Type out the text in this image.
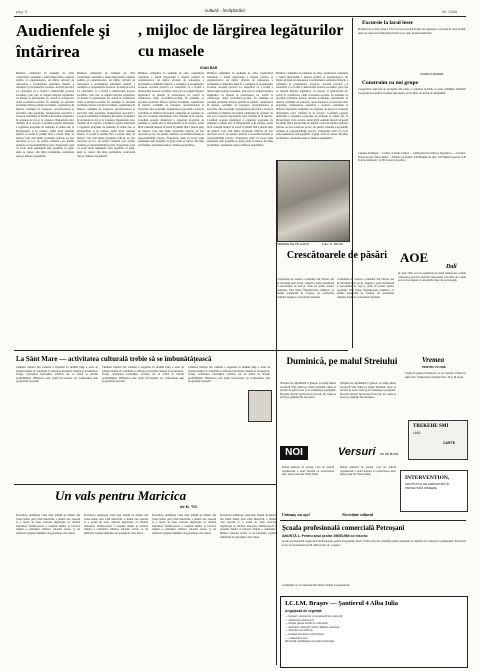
pag. 5	cultură - învăţământ	Nr. 2465
Audienfele şi întărirea
, mijloc de lărgirea legăturilor cu masele
IOAN BAR
Primirea cetăţenilor în audienţe de către conducători constituie o latură importantă a muncii politice şi organizatorice, un mijloc eficient de cunoaştere a problemelor oamenilor muncii, a cerinţelor şi propunerilor acestora. Această practică s-a statornicit ca o formă a democraţiei noastre socialiste, prin care se asigură lărgirea legăturilor cu masele şi participarea lor activă la conducerea vieţii economico-sociale. În audienţe se prezintă probleme diverse privind locuinţele, repartizarea în muncă, condiţiile de transport, aprovizionarea şi serviciile către populaţie. Soluţionarea operativă a acestora contribuie la întărirea încrederii cetăţenilor în organele de stat şi la creşterea răspunderii celor chemaţi să le rezolve. Consiliul popular municipal a organizat programe de audienţe la sediul său, la întreprinderi şi în cartiere, astfel încât oamenii muncii să poată fi primiţi fără a pierde timp de muncă. Cele mai multe probleme ridicate au fost rezolvate pe loc, iar pentru celelalte s-au stabilit termene şi responsabilităţi precise. Experienţa arată că acolo unde audienţele sunt pregătite cu grijă, unde se cunosc din timp problemele, rezultatele sunt pe măsura aşteptărilor.
Primirea cetăţenilor în audienţe de către conducători constituie o latură importantă a muncii politice şi organizatorice, un mijloc eficient de cunoaştere a problemelor oamenilor muncii, a cerinţelor şi propunerilor acestora. Această practică s-a statornicit ca o formă a democraţiei noastre socialiste, prin care se asigură lărgirea legăturilor cu masele şi participarea lor activă la conducerea vieţii economico-sociale. În audienţe se prezintă probleme diverse privind locuinţele, repartizarea în muncă, condiţiile de transport, aprovizionarea şi serviciile către populaţie. Soluţionarea operativă a acestora contribuie la întărirea încrederii cetăţenilor în organele de stat şi la creşterea răspunderii celor chemaţi să le rezolve. Consiliul popular municipal a organizat programe de audienţe la sediul său, la întreprinderi şi în cartiere, astfel încât oamenii muncii să poată fi primiţi fără a pierde timp de muncă. Cele mai multe probleme ridicate au fost rezolvate pe loc, iar pentru celelalte s-au stabilit termene şi responsabilităţi precise. Experienţa arată că acolo unde audienţele sunt pregătite cu grijă, unde se cunosc din timp problemele, rezultatele sunt pe măsura aşteptărilor.
Primirea cetăţenilor în audienţe de către conducători constituie o latură importantă a muncii politice şi organizatorice, un mijloc eficient de cunoaştere a problemelor oamenilor muncii, a cerinţelor şi propunerilor acestora. Această practică s-a statornicit ca o formă a democraţiei noastre socialiste, prin care se asigură lărgirea legăturilor cu masele şi participarea lor activă la conducerea vieţii economico-sociale. În audienţe se prezintă probleme diverse privind locuinţele, repartizarea în muncă, condiţiile de transport, aprovizionarea şi serviciile către populaţie. Soluţionarea operativă a acestora contribuie la întărirea încrederii cetăţenilor în organele de stat şi la creşterea răspunderii celor chemaţi să le rezolve. Consiliul popular municipal a organizat programe de audienţe la sediul său, la întreprinderi şi în cartiere, astfel încât oamenii muncii să poată fi primiţi fără a pierde timp de muncă. Cele mai multe probleme ridicate au fost rezolvate pe loc, iar pentru celelalte s-au stabilit termene şi responsabilităţi precise. Experienţa arată că acolo unde audienţele sunt pregătite cu grijă, unde se cunosc din timp problemele, rezultatele sunt pe măsura aşteptărilor.
Primirea cetăţenilor în audienţe de către conducători constituie o latură importantă a muncii politice şi organizatorice, un mijloc eficient de cunoaştere a problemelor oamenilor muncii, a cerinţelor şi propunerilor acestora. Această practică s-a statornicit ca o formă a democraţiei noastre socialiste, prin care se asigură lărgirea legăturilor cu masele şi participarea lor activă la conducerea vieţii economico-sociale. În audienţe se prezintă probleme diverse privind locuinţele, repartizarea în muncă, condiţiile de transport, aprovizionarea şi serviciile către populaţie. Soluţionarea operativă a acestora contribuie la întărirea încrederii cetăţenilor în organele de stat şi la creşterea răspunderii celor chemaţi să le rezolve. Consiliul popular municipal a organizat programe de audienţe la sediul său, la întreprinderi şi în cartiere, astfel încât oamenii muncii să poată fi primiţi fără a pierde timp de muncă. Cele mai multe probleme ridicate au fost rezolvate pe loc, iar pentru celelalte s-au stabilit termene şi responsabilităţi precise. Experienţa arată că acolo unde audienţele sunt pregătite cu grijă, unde se cunosc din timp problemele, rezultatele sunt pe măsura aşteptărilor.
Primirea cetăţenilor în audienţe de către conducători constituie o latură importantă a muncii politice şi organizatorice, un mijloc eficient de cunoaştere a problemelor oamenilor muncii, a cerinţelor şi propunerilor acestora. Această practică s-a statornicit ca o formă a democraţiei noastre socialiste, prin care se asigură lărgirea legăturilor cu masele şi participarea lor activă la conducerea vieţii economico-sociale. În audienţe se prezintă probleme diverse privind locuinţele, repartizarea în muncă, condiţiile de transport, aprovizionarea şi serviciile către populaţie. Soluţionarea operativă a acestora contribuie la întărirea încrederii cetăţenilor în organele de stat şi la creşterea răspunderii celor chemaţi să le rezolve. Consiliul popular municipal a organizat programe de audienţe la sediul său, la întreprinderi şi în cartiere, astfel încât oamenii muncii să poată fi primiţi fără a pierde timp de muncă. Cele mai multe probleme ridicate au fost rezolvate pe loc, iar pentru celelalte s-au stabilit termene şi responsabilităţi precise. Experienţa arată că acolo unde audienţele sunt pregătite cu grijă, unde se cunosc din timp problemele, rezultatele sunt pe măsura aşteptărilor.
Excursie la lacul leser
Pionierii şi şcolarii clasei a VII-a de la Liceul din Petrila au organizat o excursie în zona lacului, unde au cunoscut frumuseţile naturii şi au cules plante medicinale.
VIORICA BARNE
Construim cu noi grupe
Cooperativa agricolă de producţie din judeţ a continuat lucrările la noua grădiniţă. Membrii cooperatori au muncit voluntar mai multe ore în zilele de sfârşit de săptămână.
VEDERE DE PE HĂRŢI	Foto: R. TRUTA
Crescătoarele de păsări
Complexul de creştere a păsărilor din Vulcan, dat în folosinţă anul trecut, asigură o parte însemnată a necesarului de ouă şi carne de pasăre pentru populaţia Văii Jiului. Îngrijitoarele urmăresc cu atenţie parametrii de creştere, iar rezultatele obţinute depăşesc prevederile planului.
Complexul de creştere a păsărilor din Vulcan, dat în folosinţă anul trecut, asigură o parte însemnată a necesarului de ouă şi carne de pasăre pentru populaţia Văii Jiului. Îngrijitoarele urmăresc cu atenţie parametrii de creştere, iar rezultatele obţinute depăşesc prevederile planului.
AOE
Dali
În anul 1965 au fost organizate în judeţ numeroase acţiuni culturale şi sportive dedicate tineretului. Cercurile de creaţie au fost frecventate de un număr mare de participanţi.
Cinema: Parângul — Colina cu lalele; Unirea — Călătoriile lui Gulliver; Republica — Lovitura. Teatru de stat: Valea Jiului — Ultima oră. Radio: 6,00 Buletin de ştiri; 7,00 Muzică uşoară; 9,30 Teatru radiofonic; 12,00 Concert de prânz.
Vremea
PENTRU 24 ORE
Vreme în general frumoasă, cu cer variabil. Vântul va sufla slab. Temperaturi cuprinse între 10 şi 18 grade.
Duminică, pe malul Streiului
Sfârşitul de săptămână îi găseşte pe mulţi dintre locuitorii Văii Jiului pe malul Streiului, unde se bucură de aerul curat şi de frumuseţea peisajului. Pescarii amatori îşi încearcă norocul, iar copiii se joacă pe pajiştile din apropiere.
Sfârşitul de săptămână îi găseşte pe mulţi dintre locuitorii Văii Jiului pe malul Streiului, unde se bucură de aerul curat şi de frumuseţea peisajului. Pescarii amatori îşi încearcă norocul, iar copiii se joacă pe pajiştile din apropiere.
La Sânt Mare — activitatea culturală trebie să se îmbunătăţească
Căminul cultural din comună a organizat în ultimul timp o serie de acţiuni menite să contribuie la ridicarea nivelului cultural al locuitorilor. Totuşi, activitatea formaţiilor artistice nu se ridică la nivelul posibilităţilor. Biblioteca este puţin frecventată, iar conferinţele sunt programate sporadic.
Căminul cultural din comună a organizat în ultimul timp o serie de acţiuni menite să contribuie la ridicarea nivelului cultural al locuitorilor. Totuşi, activitatea formaţiilor artistice nu se ridică la nivelul posibilităţilor. Biblioteca este puţin frecventată, iar conferinţele sunt programate sporadic.
Căminul cultural din comună a organizat în ultimul timp o serie de acţiuni menite să contribuie la ridicarea nivelului cultural al locuitorilor. Totuşi, activitatea formaţiilor artistice nu se ridică la nivelul posibilităţilor. Biblioteca este puţin frecventată, iar conferinţele sunt programate sporadic.
NOI	Versuri un an la noi
Pentru iubitorii de poezie, casa de cultură organizează o seară literară cu participarea unor tineri poeţi din Valea Jiului.
Unteaza, nu aşa!
Pentru iubitorii de poezie, casa de cultură organizează o seară literară cu participarea unor tineri poeţi din Valea Jiului.
Necesitate cultural
TREKEHE SMI
Lb01
CARTE
INTERVENTION,
INSTITUTUL DE CERCETĂRI ŞI PROIECTĂRI MINIERE
Un vals pentru Maricica
de N. TIC
Povestirea urmăreşte viaţa unei familii de mineri din Valea Jiului, prin ochii Maricicăi, o tânără care visează la o serată de dans. Autorul zugrăveşte cu căldură atmosfera sărbătorească a oraşului minier şi bucuria simplă a oamenilor. Muzica valsului revine ca un laitmotiv, legând amintirile de speranţele celor tineri.
Povestirea urmăreşte viaţa unei familii de mineri din Valea Jiului, prin ochii Maricicăi, o tânără care visează la o serată de dans. Autorul zugrăveşte cu căldură atmosfera sărbătorească a oraşului minier şi bucuria simplă a oamenilor. Muzica valsului revine ca un laitmotiv, legând amintirile de speranţele celor tineri.
Povestirea urmăreşte viaţa unei familii de mineri din Valea Jiului, prin ochii Maricicăi, o tânără care visează la o serată de dans. Autorul zugrăveşte cu căldură atmosfera sărbătorească a oraşului minier şi bucuria simplă a oamenilor. Muzica valsului revine ca un laitmotiv, legând amintirile de speranţele celor tineri.
Povestirea urmăreşte viaţa unei familii de mineri din Valea Jiului, prin ochii Maricicăi, o tânără care visează la o serată de dans. Autorul zugrăveşte cu căldură atmosfera sărbătorească a oraşului minier şi bucuria simplă a oamenilor. Muzica valsului revine ca un laitmotiv, legând amintirile de speranţele celor tineri.
Şcoala profesională comercială Petroşani
ANUNŢĂ 1. Pentru anul şcolar 1965/1966 se înscriu:
Şcoala profesională comercială din Petroşani, pentru absolvenţii clasei a VIII-a, înscrie candidaţi pentru meseriile de vânzător în comerţul cu amănuntul. Înscrierile se fac la secretariatul şcolii până la data de 1 august.
Candidaţii vor fi examinaţi din limba română şi matematică.
I.C.I.M. Braşov — Şantierul 4 Alba Iulia
Angajează de urgenţă:
— ingineri constructori cu experienţă în construcţii
— tehnicieni constructori
— maiştri pentru lucrări de construcţii
— muncitori calificaţi: zidari, dulgheri, betonişti
— muncitori necalificaţi
— lăcătuşi mecanici şi electricieni
— conducători auto
Informaţii suplimentare la sediul şantierului.
